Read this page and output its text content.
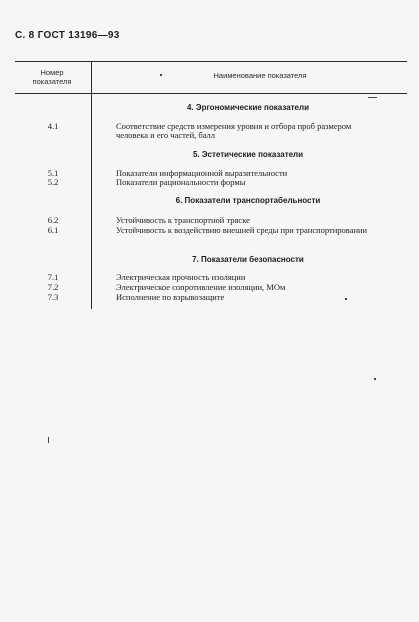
С. 8 ГОСТ 13196—93
Номер показателя
Наименование показателя
4. Эргономические показатели
4.1	Соответствие средств измерения уровня и отбора проб размером человека и его частей, балл
5. Эстетические показатели
5.1	Показатели информационной выразительности
5.2	Показатели рациональности формы
6. Показатели транспортабельности
6.2	Устойчивость к транспортной тряске
6.1	Устойчивость к воздействию внешней среды при транспортировании
7. Показатели безопасности
7.1	Электрическая прочность изоляции
7.2	Электрическое сопротивление изоляции, МОм
7.3	Исполнение по взрывозащите
